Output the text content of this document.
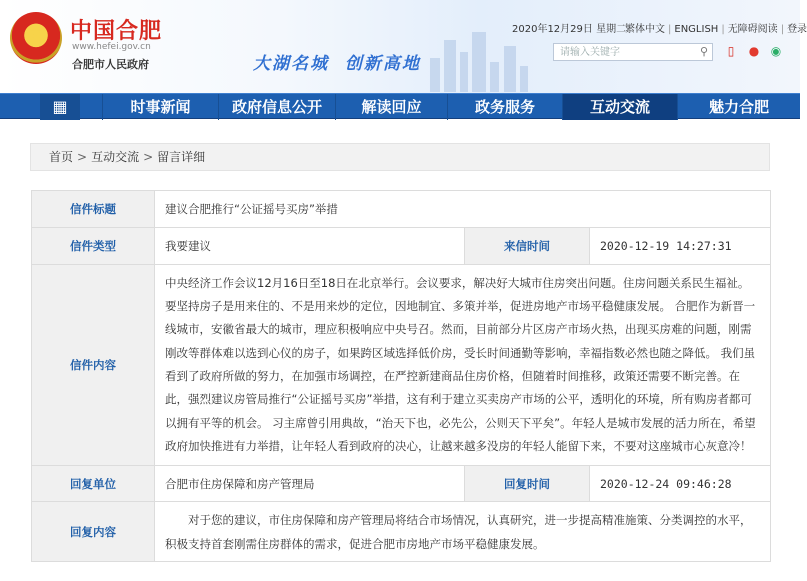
★	中国合肥
www.hefei.gov.cn
合肥市人民政府	大湖名城 创新高地
2020年12月29日 星期二
繁体中文 | ENGLISH | 无障碍阅读 | 登录
请输入关键字
⚲	▯	● ◉
▦	时事新闻	政府信息公开	解读回应	政务服务	互动交流	魅力合肥
首页 > 互动交流 > 留言详细
信件标题	建议合肥推行“公证摇号买房”举措		
信件类型	我要建议	来信时间	2020-12-19 14:27:31
信件内容	中央经济工作会议12月16日至18日在北京举行。会议要求，解决好大城市住房突出问题。住房问题关系民生福祉。要坚持房子是用来住的、不是用来炒的定位，因地制宜、多策并举，促进房地产市场平稳健康发展。 合肥作为新晋一线城市，安徽省最大的城市，理应积极响应中央号召。然而，目前部分片区房产市场火热，出现买房难的问题，刚需刚改等群体难以选到心仪的房子，如果跨区域选择低价房，受长时间通勤等影响，幸福指数必然也随之降低。 我们虽看到了政府所做的努力，在加强市场调控，在严控新建商品住房价格，但随着时间推移，政策还需要不断完善。在此，强烈建议房管局推行“公证摇号买房”举措，这有利于建立买卖房产市场的公平，透明化的环境，所有购房者都可以拥有平等的机会。 习主席曾引用典故，“治天下也，必先公，公则天下平矣”。年轻人是城市发展的活力所在，希望政府加快推进有力举措，让年轻人看到政府的决心，让越来越多没房的年轻人能留下来，不要对这座城市心灰意冷！		
回复单位	合肥市住房保障和房产管理局	回复时间	2020-12-24 09:46:28
回复内容	对于您的建议，市住房保障和房产管理局将结合市场情况，认真研究，进一步提高精准施策、分类调控的水平，积极支持首套刚需住房群体的需求，促进合肥市房地产市场平稳健康发展。		
